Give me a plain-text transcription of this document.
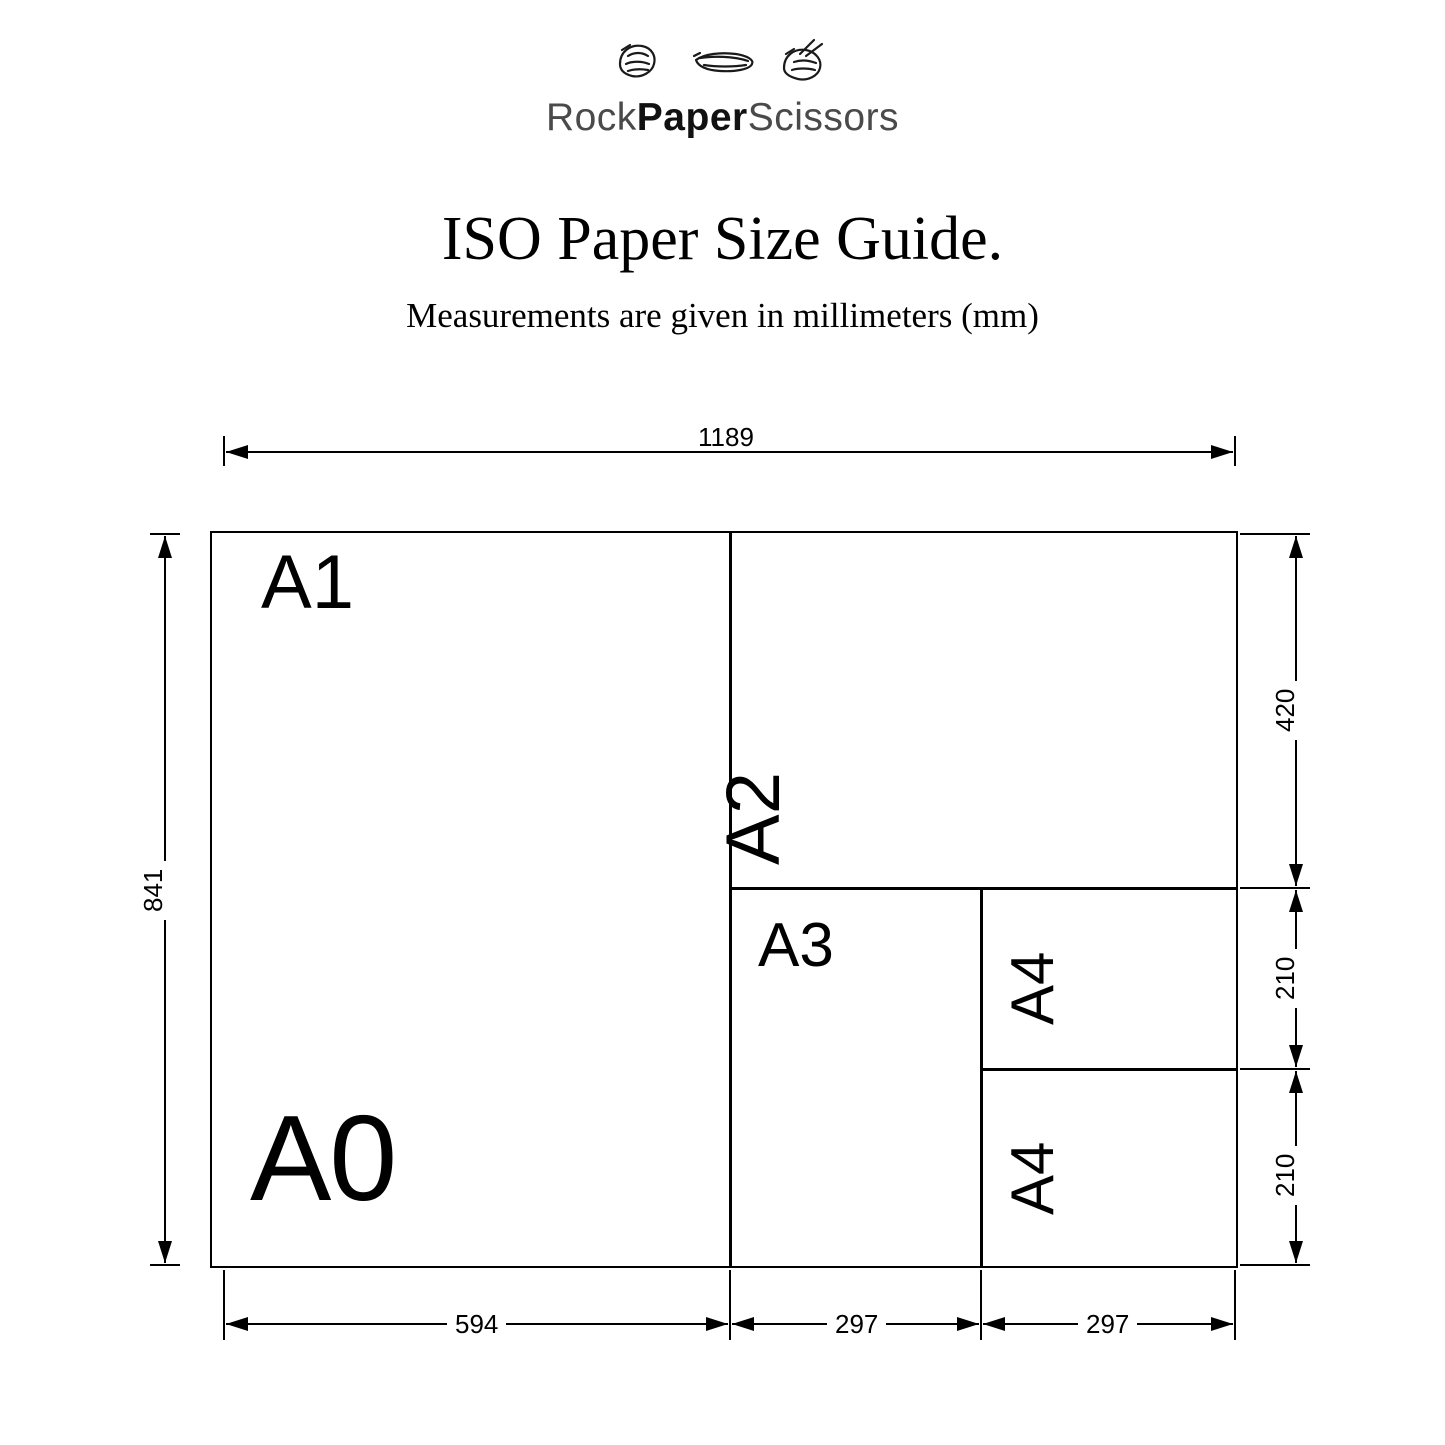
RockPaperScissors
ISO Paper Size Guide.
Measurements are given in millimeters (mm)
A0
A1
A2
A3
A4
A4
1189
841
420
210
210
594	297	297
